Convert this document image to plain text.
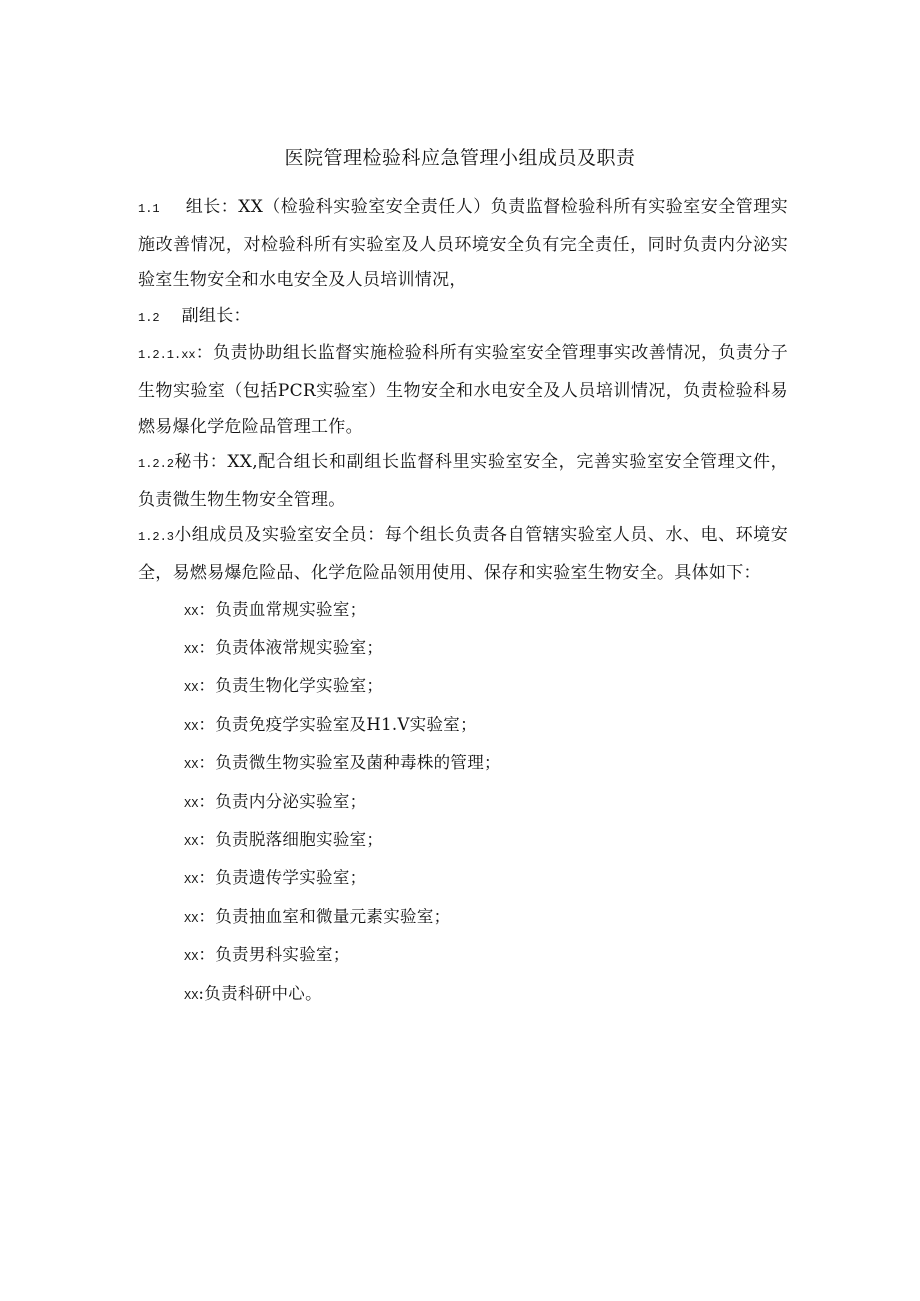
医院管理检验科应急管理小组成员及职责

1.1 组长：XX（检验科实验室安全责任人）负责监督检验科所有实验室安全管理实施改善情况，对检验科所有实验室及人员环境安全负有完全责任，同时负责内分泌实验室生物安全和水电安全及人员培训情况，

1.2 副组长：

1.2.1.xx：负责协助组长监督实施检验科所有实验室安全管理事实改善情况，负责分子生物实验室（包括PCR实验室）生物安全和水电安全及人员培训情况，负责检验科易燃易爆化学危险品管理工作。

1.2.2秘书：XX,配合组长和副组长监督科里实验室安全，完善实验室安全管理文件，负责微生物生物安全管理。

1.2.3小组成员及实验室安全员：每个组长负责各自管辖实验室人员、水、电、环境安全，易燃易爆危险品、化学危险品领用使用、保存和实验室生物安全。具体如下：

XX：负责血常规实验室；
XX：负责体液常规实验室；
XX：负责生物化学实验室；
XX：负责免疫学实验室及H1.V实验室；
XX：负责微生物实验室及菌种毒株的管理；
XX：负责内分泌实验室；
XX：负责脱落细胞实验室；
XX：负责遗传学实验室；
XX：负责抽血室和微量元素实验室；
XX：负责男科实验室；
XX:负责科研中心。
